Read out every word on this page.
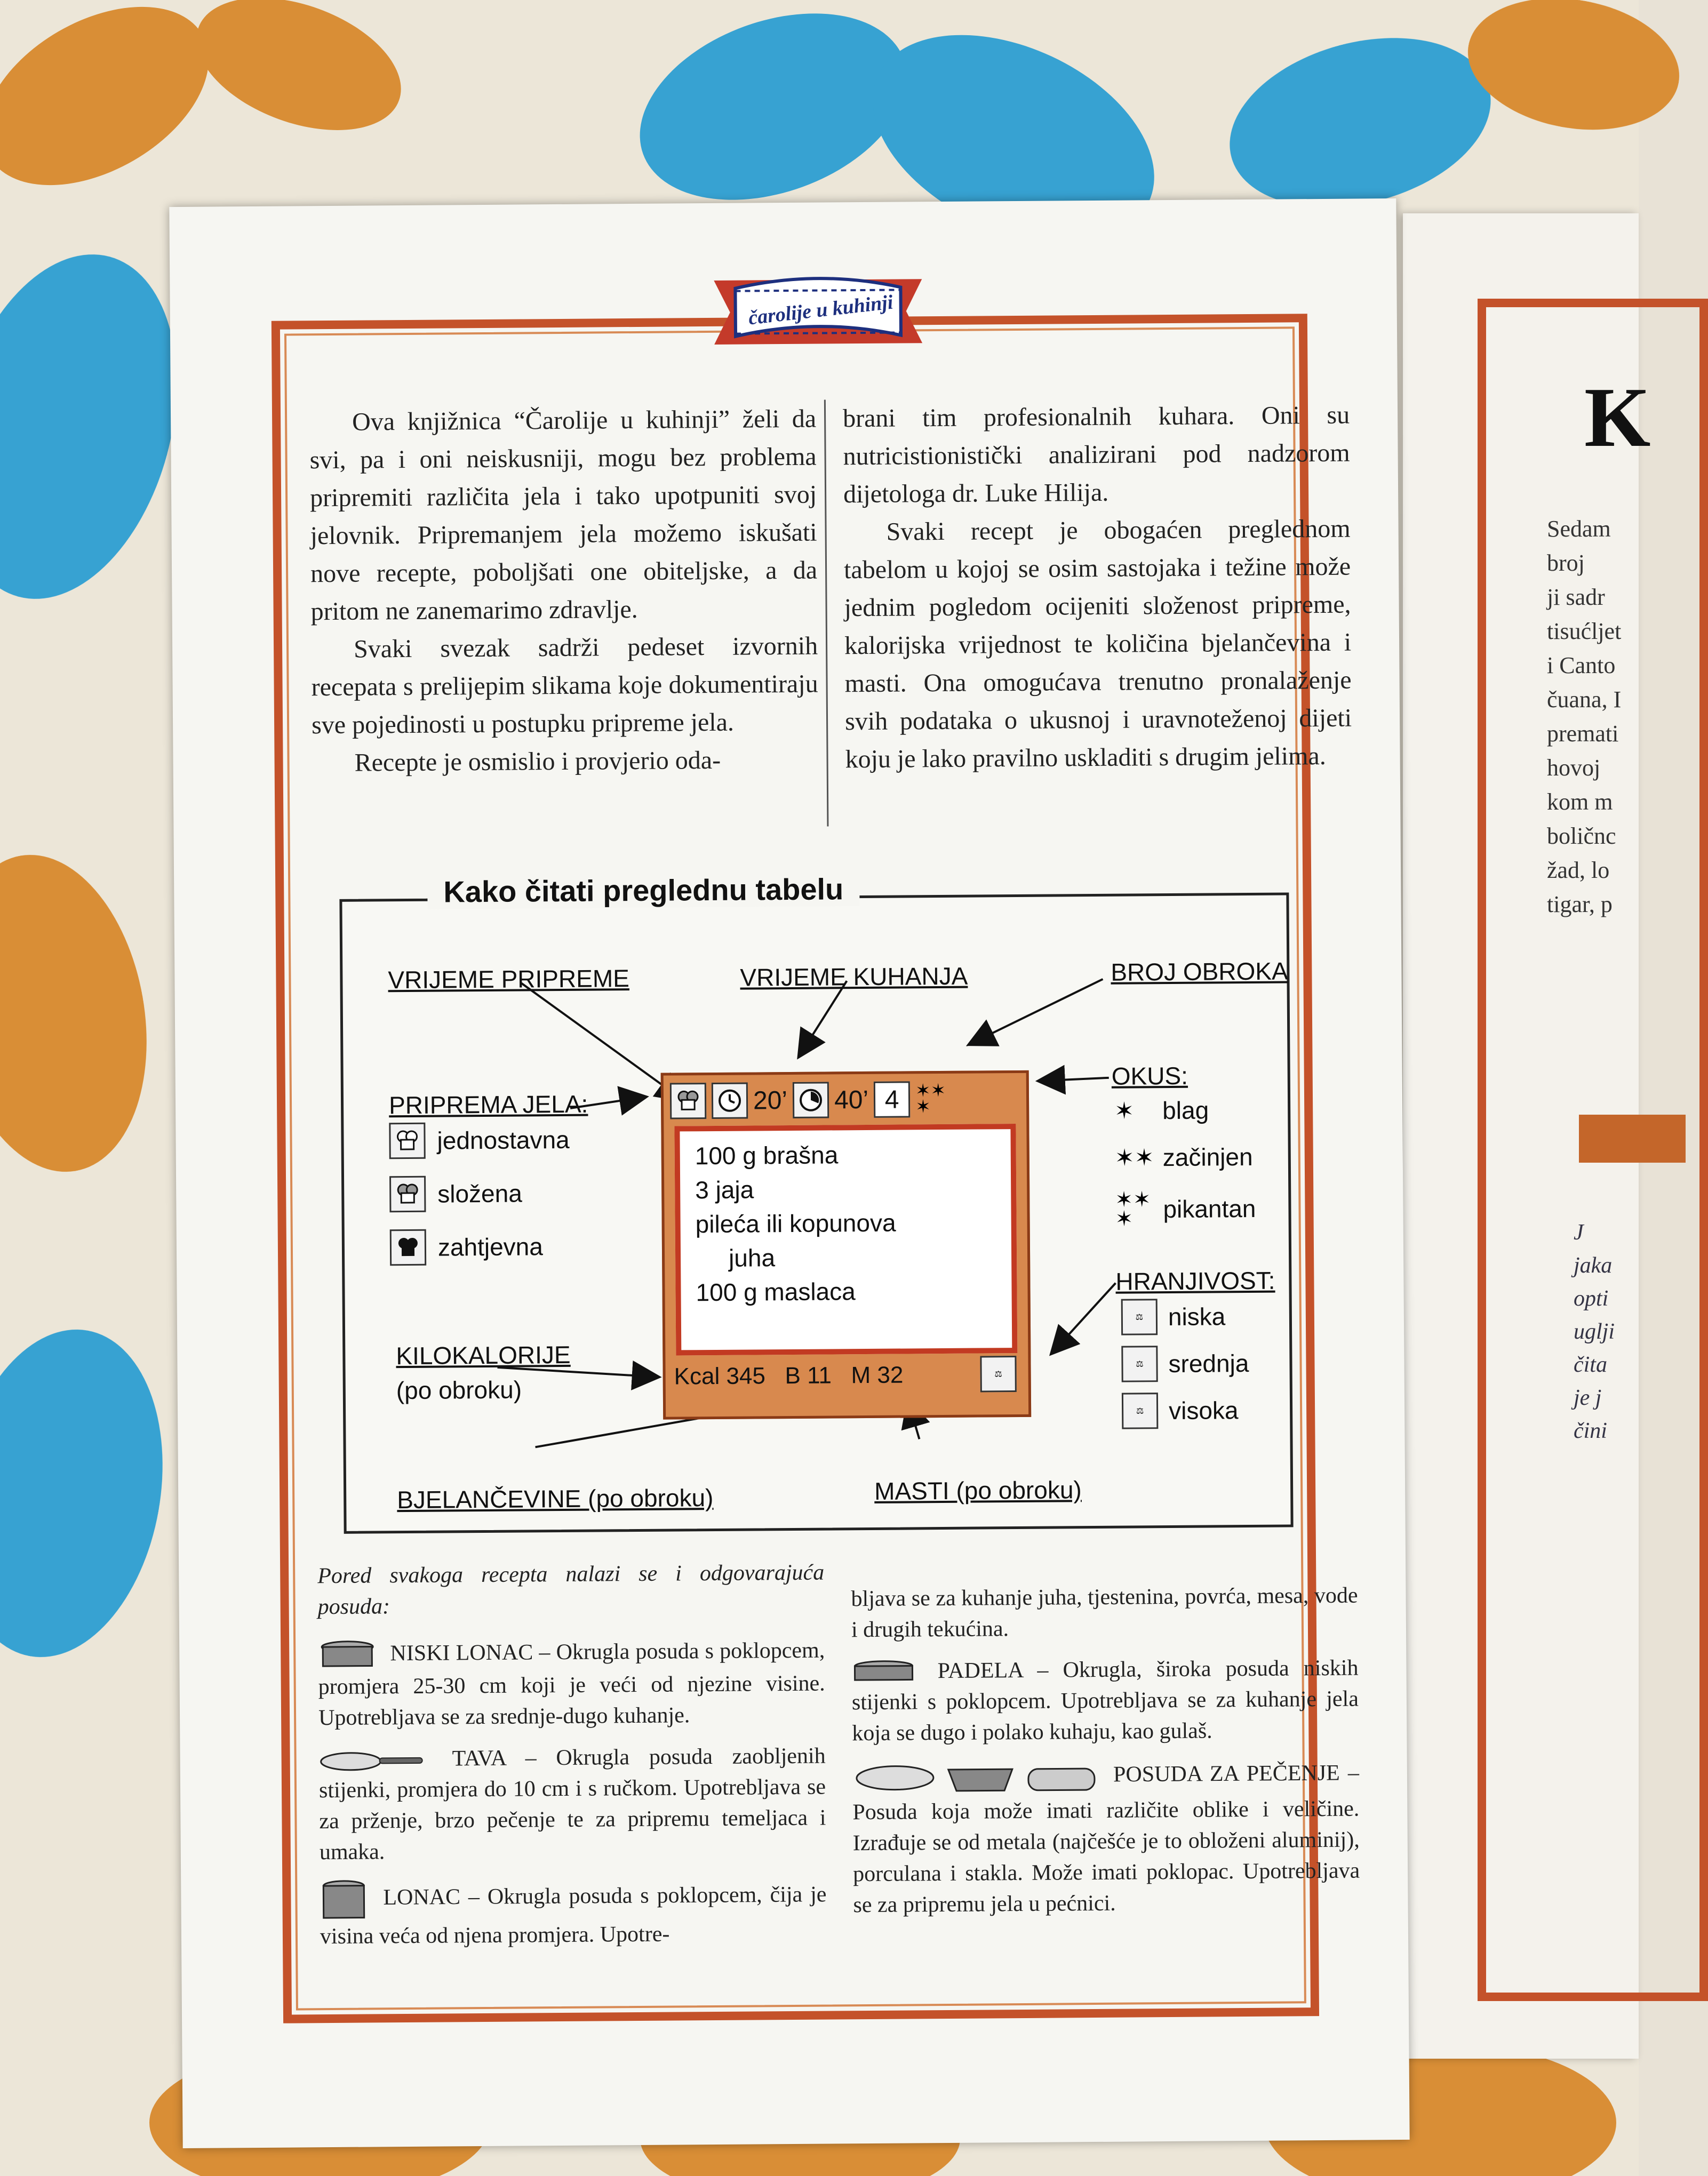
K
Sedam
broj
ji sadr
tisućljet
i Canto
čuana, I
premati
hovoj
kom m
boličnc
žad, lo
tigar, p
J
jaka
opti
uglji
čita
je j
čini
čarolije u kuhinji

Ova knjižnica “Čarolije u kuhinji” želi da svi, pa i oni neiskusniji, mogu bez problema pripremiti različita jela i tako upotpuniti svoj jelovnik. Pripremanjem jela možemo iskušati nove recepte, poboljšati one obiteljske, a da pritom ne zanemarimo zdravlje.

Svaki svezak sadrži pedeset izvornih recepata s prelijepim slikama koje dokumentiraju sve pojedinosti u postupku pripreme jela.

Recepte je osmislio i provjerio oda-

brani tim profesionalnih kuhara. Oni su nutricistionistički analizirani pod nadzorom dijetologa dr. Luke Hilija.

Svaki recept je obogaćen preglednom tabelom u kojoj se osim sastojaka i težine može jednim pogledom ocijeniti složenost pripreme, kalorijska vrijednost te količina bjelančevina i masti. Ona omogućava trenutno pronalaženje svih podataka o ukusnoj i uravnoteženoj dijeti koju je lako pravilno uskladiti s drugim jelima.

Kako čitati preglednu tabelu
VRIJEME PRIPREME	VRIJEME KUHANJA	BROJ OBROKA
PRIPREMA JELA:
jednostavna
složena
zahtjevna
OKUS:
✶	blag
✶✶ začinjen
✶✶
✶	pikantan
HRANJIVOST:
⚖	niska
⚖	srednja
⚖	visoka
KILOKALORIJE
(po obroku)
BJELANČEVINE (po obroku)	MASTI (po obroku)
20’ 40’ 4 ✶✶
✶
100 g brašna
3 jaja
pileća ili kopunova
juha
100 g maslaca
Kcal 345 B 11 M 32	⚖

Pored svakoga recepta nalazi se i odgovarajuća posuda:

NISKI LONAC – Okrugla posuda s poklopcem, promjera 25-30 cm koji je veći od njezine visine. Upotrebljava se za srednje-dugo kuhanje.

TAVA – Okrugla posuda zaobljenih stijenki, promjera do 10 cm i s ručkom. Upotrebljava se za prženje, brzo pečenje te za pripremu temeljaca i umaka.

LONAC – Okrugla posuda s poklopcem, čija je visina veća od njena promjera. Upotre-

bljava se za kuhanje juha, tjestenina, povrća, mesa, vode i drugih tekućina.

PADELA – Okrugla, široka posuda niskih stijenki s poklopcem. Upotrebljava se za kuhanje jela koja se dugo i polako kuhaju, kao gulaš.

POSUDA ZA PEČENJE – Posuda koja može imati različite oblike i veličine. Izrađuje se od metala (najčešće je to obloženi aluminij), porculana i stakla. Može imati poklopac. Upotrebljava se za pripremu jela u pećnici.
